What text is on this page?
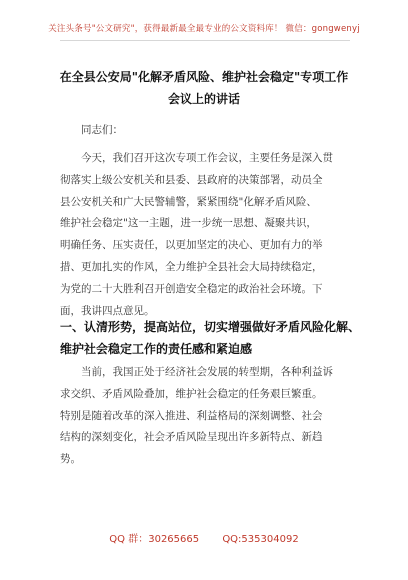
关注头条号"公文研究"，获得最新最全最专业的公文资料库！ 微信：gongwenyj
在全县公安局"化解矛盾风险、维护社会稳定"专项工作
会议上的讲话
同志们：
今天，我们召开这次专项工作会议，主要任务是深入贯
彻落实上级公安机关和县委、县政府的决策部署，动员全
县公安机关和广大民警辅警，紧紧围绕"化解矛盾风险、
维护社会稳定"这一主题，进一步统一思想、凝聚共识，
明确任务、压实责任，以更加坚定的决心、更加有力的举
措、更加扎实的作风，全力维护全县社会大局持续稳定，
为党的二十大胜利召开创造安全稳定的政治社会环境。下
面，我讲四点意见。
一、认清形势，提高站位，切实增强做好矛盾风险化解、
维护社会稳定工作的责任感和紧迫感
当前，我国正处于经济社会发展的转型期，各种利益诉
求交织、矛盾风险叠加，维护社会稳定的任务艰巨繁重。
特别是随着改革的深入推进、利益格局的深刻调整、社会
结构的深刻变化，社会矛盾风险呈现出许多新特点、新趋
势。
QQ 群：30265665 QQ:535304092
